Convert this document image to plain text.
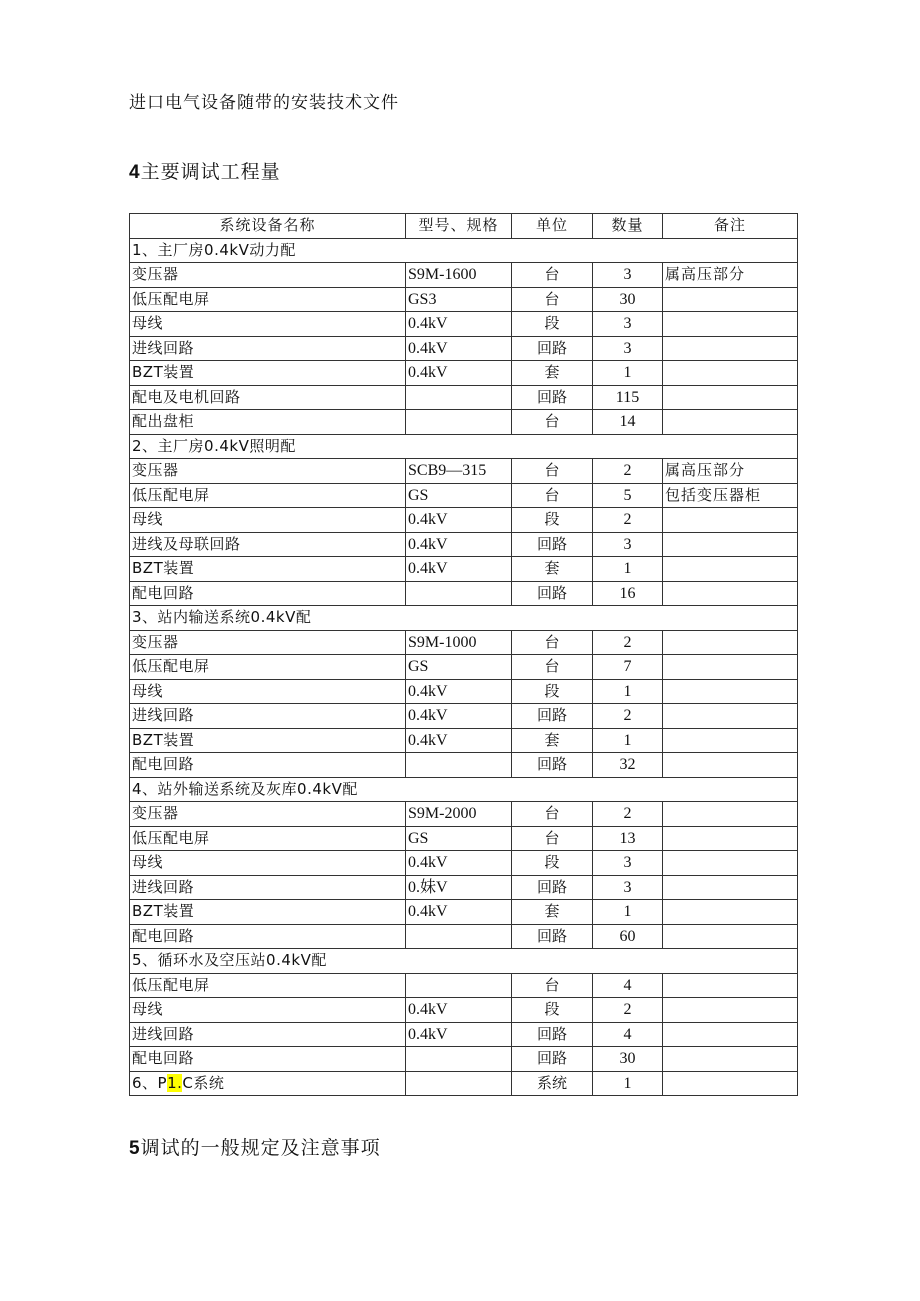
进口电气设备随带的安装技术文件
4主要调试工程量
系统设备名称	型号、规格	单位	数量	备注
1、主厂房0.4kV动力配				
变压器	S9M-1600	台	3	属高压部分
低压配电屏	GS3	台	30	
母线	0.4kV	段	3	
进线回路	0.4kV	回路	3	
BZT装置	0.4kV	套	1	
配电及电机回路		回路	115	
配出盘柜		台	14	
2、主厂房0.4kV照明配				
变压器	SCB9—315	台	2	属高压部分
低压配电屏	GS	台	5	包括变压器柜
母线	0.4kV	段	2	
进线及母联回路	0.4kV	回路	3	
BZT装置	0.4kV	套	1	
配电回路		回路	16	
3、站内输送系统0.4kV配				
变压器	S9M-1000	台	2	
低压配电屏	GS	台	7	
母线	0.4kV	段	1	
进线回路	0.4kV	回路	2	
BZT装置	0.4kV	套	1	
配电回路		回路	32	
4、站外输送系统及灰库0.4kV配				
变压器	S9M-2000	台	2	
低压配电屏	GS	台	13	
母线	0.4kV	段	3	
进线回路	0.妹V	回路	3	
BZT装置	0.4kV	套	1	
配电回路		回路	60	
5、循环水及空压站0.4kV配				
低压配电屏		台	4	
母线	0.4kV	段	2	
进线回路	0.4kV	回路	4	
配电回路		回路	30	
6、P1.C系统		系统	1	
5调试的一般规定及注意事项
